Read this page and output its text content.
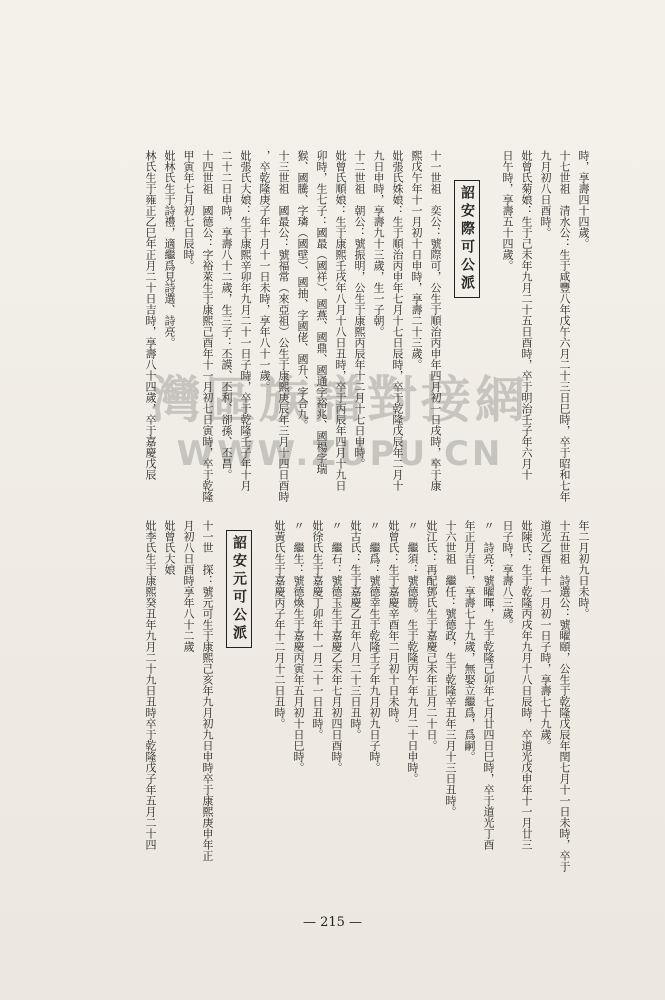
時，享壽四十四歲。
十七世祖　清水公：生于咸豐八年戊午六月二十三日巳時，卒于昭和七年
九月初八日酉時。
妣曾氏菊娘：生于己未年九月二十五日酉時，卒于明治壬子年六月十
日午時，享壽五十四歲。
詔安際可公派
十一世祖　奕公：號際可，公生于順治丙申年四月初一日戌時，卒于康
熙戊午年十一月初十日申時，享壽二十三歲。
妣張氏姝娘：生于順治丙申年七月十七日辰時，卒于乾隆戊辰年二月十
九日申時，享壽九十三歲，生一子朝。
十二世祖　朝公：號振明，公生于康熙丙辰年十二月十七日申時。
妣曾氏順娘：生于康熙壬戌年八月十八日丑時，卒于丙辰年四月十九日
卯時，生七子：國最（國祥）、國燕、國鼎、國通字裕兆、國楊字瑞
猴、國騰、字璘（國壁）、國抽、字國佬、國升、字合九。
十三世祖　國最公：號福常（來亞祖）公生于康熙庚辰年三月十四日酉時
，卒乾隆庚子年十月十一日未時，享年八十一歲。
妣張氏大娘：生于康熙辛卯年九月二十一日子時，卒于乾隆壬子年十月
二十二日申時，享壽八十二歲，生三子：丕謨、丕利、卻孫、丕昌。
十四世祖　國德公：字裕萊生于康熙己酉年十一月初七日寅時，卒于乾隆
甲寅年七月初七日辰時。
妣林氏生于詩禮，適繼爲見詩選、詩亮。
林氏生于雍正乙巳年正月二十日吉時，享壽八十四歲，卒于嘉慶戊辰
年二月初九日未時。
十五世祖　詩選公：號曜頤，公生于乾隆戊辰年閏七月十一日未時，卒于
道光乙酉年十一月初一日子時，享壽七十九歲。
妣陳氏：生于乾隆丙戌年九月十八日辰時，卒道光戊申年十一月廿三
日子時，享壽八三歲。
〃　詩亮：號曜暉，生于乾隆己卯年七月廿四日巳時，卒于道光丁酉
年正月吉日，享壽七十九歲，無娶立繼爲，爲嗣。
十六世祖　繼任：號德政，生于乾隆辛丑年三月十三日丑時。
妣江氏：再配鄧氏生于嘉慶己未年正月二十日。
〃　繼須：號德勝。生于乾隆丙午年九月二十日申時。
妣曾氏：生于嘉慶辛酉年二月初十日未時。
〃　繼爲：號德幸生于乾隆壬子年九月初九日子時。
妣古氏：生于嘉慶乙丑年八月二十三日丑時。
〃　繼石：號德玉生于嘉慶乙未年七月初四日酉時。
妣徐氏生于嘉慶丁卯年十一月二十一日丑時。
〃　繼生：號德煥生于嘉慶丙寅年五月初十日巳時。
妣黃氏生于嘉慶丙子年十二月十二日丑時。
詔安元可公派
十一世　探：號元可生于康熙己亥年九月初九日申時卒于康熙庚申年正
月初八日酉時享年八十二歲
妣曾氏大娘
妣李氏生于康熙癸丑年九月二十九日丑時卒于乾隆戊子年五月二十四
灣區族譜對接網
WWW.ZUPU.CN
— 215 —
